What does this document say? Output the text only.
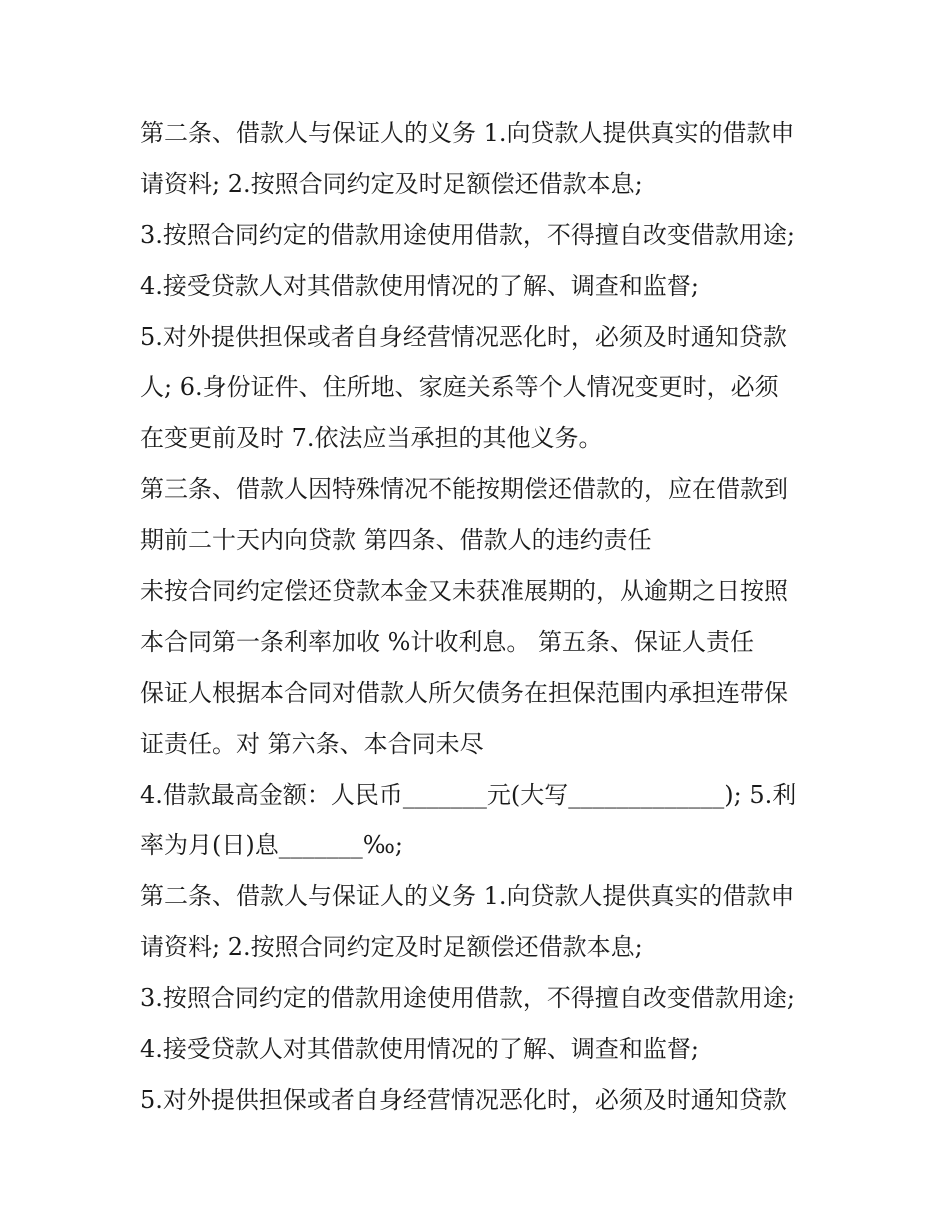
第二条、借款人与保证人的义务 1.向贷款人提供真实的借款申
请资料; 2.按照合同约定及时足额偿还借款本息;
3.按照合同约定的借款用途使用借款，不得擅自改变借款用途;
4.接受贷款人对其借款使用情况的了解、调查和监督;
5.对外提供担保或者自身经营情况恶化时，必须及时通知贷款
人; 6.身份证件、住所地、家庭关系等个人情况变更时，必须
在变更前及时 7.依法应当承担的其他义务。
第三条、借款人因特殊情况不能按期偿还借款的，应在借款到
期前二十天内向贷款 第四条、借款人的违约责任
未按合同约定偿还贷款本金又未获准展期的，从逾期之日按照
本合同第一条利率加收 %计收利息。 第五条、保证人责任
保证人根据本合同对借款人所欠债务在担保范围内承担连带保
证责任。对 第六条、本合同未尽
4.借款最高金额：人民币_______元(大写_____________); 5.利
率为月(日)息_______‰;
第二条、借款人与保证人的义务 1.向贷款人提供真实的借款申
请资料; 2.按照合同约定及时足额偿还借款本息;
3.按照合同约定的借款用途使用借款，不得擅自改变借款用途;
4.接受贷款人对其借款使用情况的了解、调查和监督;
5.对外提供担保或者自身经营情况恶化时，必须及时通知贷款
